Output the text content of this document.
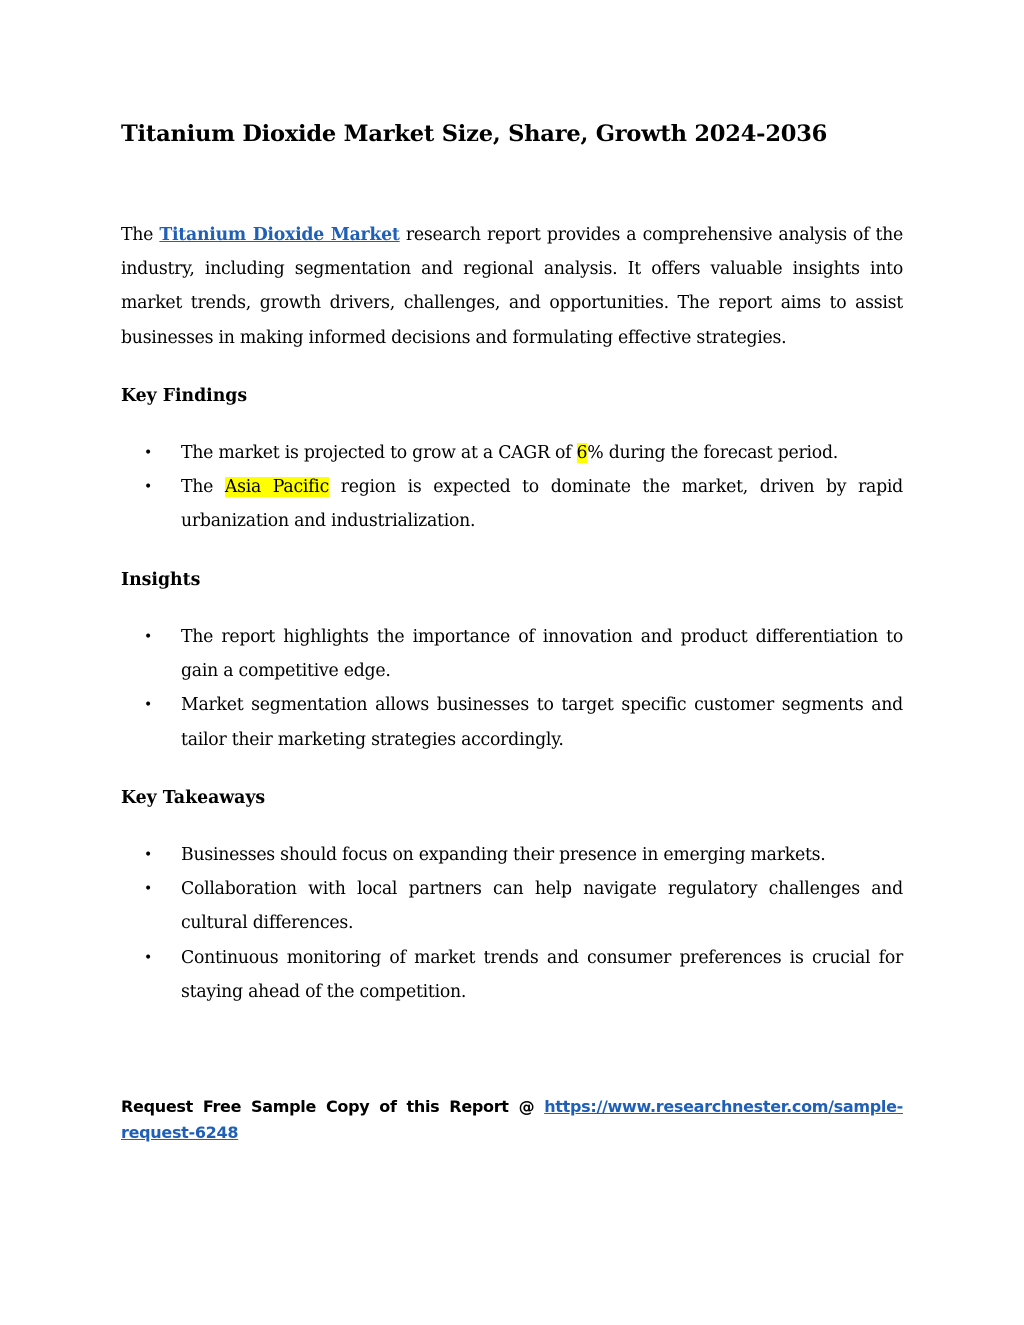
Titanium Dioxide Market Size, Share, Growth 2024-2036

The Titanium Dioxide Market research report provides a comprehensive analysis of the industry, including segmentation and regional analysis. It offers valuable insights into market trends, growth drivers, challenges, and opportunities. The report aims to assist businesses in making informed decisions and formulating effective strategies.

Key Findings
• The market is projected to grow at a CAGR of 6% during the forecast period.
• The Asia Pacific region is expected to dominate the market, driven by rapid urbanization and industrialization.
Insights
• The report highlights the importance of innovation and product differentiation to gain a competitive edge.
• Market segmentation allows businesses to target specific customer segments and tailor their marketing strategies accordingly.
Key Takeaways
• Businesses should focus on expanding their presence in emerging markets.
• Collaboration with local partners can help navigate regulatory challenges and cultural differences.
• Continuous monitoring of market trends and consumer preferences is crucial for staying ahead of the competition.

Request Free Sample Copy of this Report @ https://www.researchnester.com/sample-request-6248
